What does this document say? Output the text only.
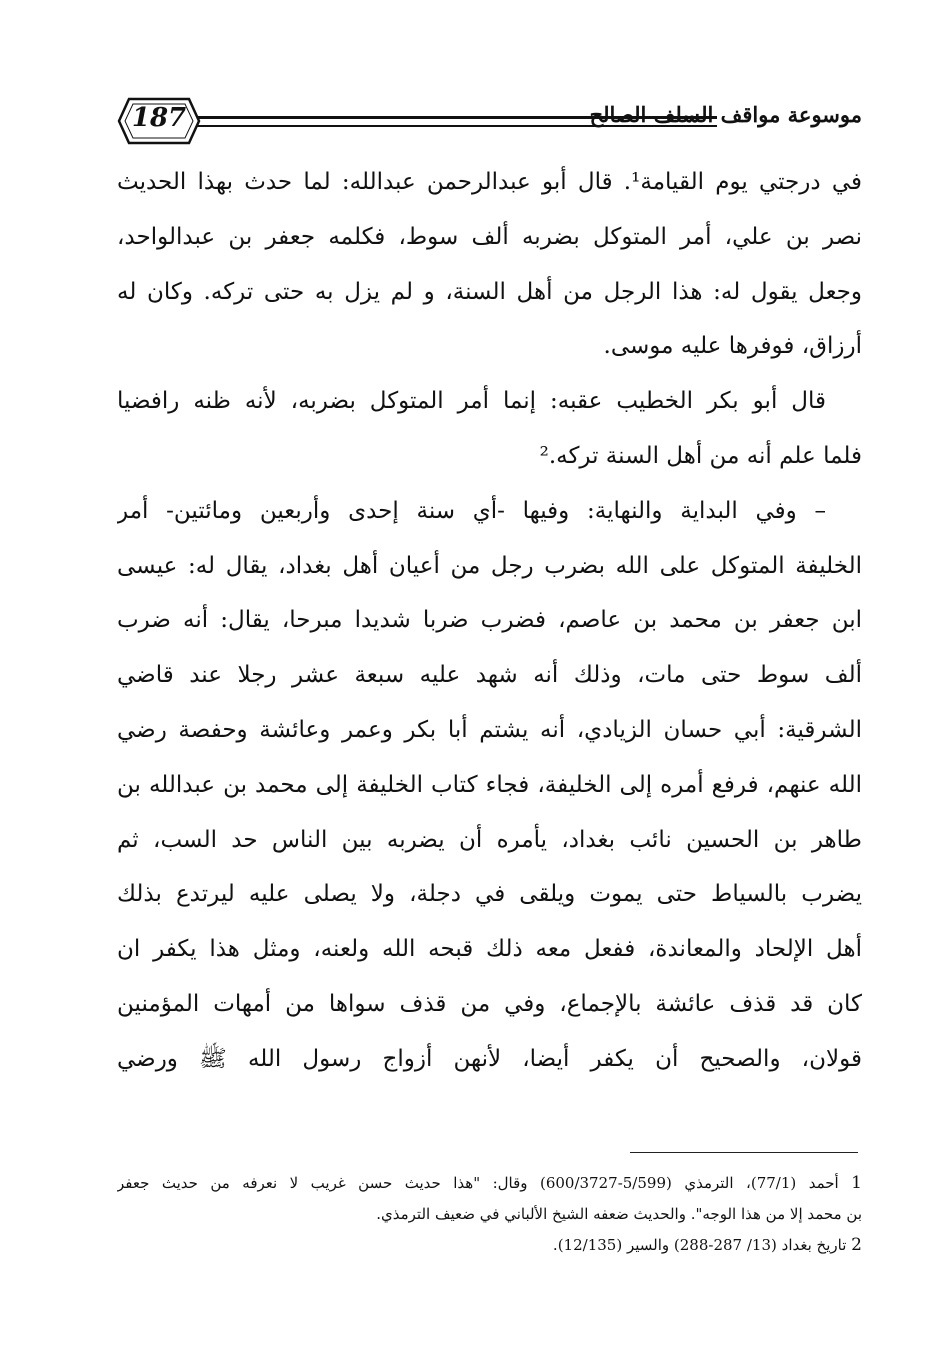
187	موسوعة مواقف السلف الصالح
في درجتي يوم القيامة¹. قال أبو عبدالرحمن عبدالله: لما حدث بهذا الحديث
نصر بن علي، أمر المتوكل بضربه ألف سوط، فكلمه جعفر بن عبدالواحد،
وجعل يقول له: هذا الرجل من أهل السنة، و لم يزل به حتى تركه. وكان له
أرزاق، فوفرها عليه موسى.
قال أبو بكر الخطيب عقبه: إنما أمر المتوكل بضربه، لأنه ظنه رافضيا
فلما علم أنه من أهل السنة تركه.²
– وفي البداية والنهاية: وفيها -أي سنة إحدى وأربعين ومائتين- أمر
الخليفة المتوكل على الله بضرب رجل من أعيان أهل بغداد، يقال له: عيسى
ابن جعفر بن محمد بن عاصم، فضرب ضربا شديدا مبرحا، يقال: أنه ضرب
ألف سوط حتى مات، وذلك أنه شهد عليه سبعة عشر رجلا عند قاضي
الشرقية: أبي حسان الزيادي، أنه يشتم أبا بكر وعمر وعائشة وحفصة رضي
الله عنهم، فرفع أمره إلى الخليفة، فجاء كتاب الخليفة إلى محمد بن عبدالله بن
طاهر بن الحسين نائب بغداد، يأمره أن يضربه بين الناس حد السب، ثم
يضرب بالسياط حتى يموت ويلقى في دجلة، ولا يصلى عليه ليرتدع بذلك
أهل الإلحاد والمعاندة، ففعل معه ذلك قبحه الله ولعنه، ومثل هذا يكفر ان
كان قد قذف عائشة بالإجماع، وفي من قذف سواها من أمهات المؤمنين
قولان، والصحيح أن يكفر أيضا، لأنهن أزواج رسول الله ﷺ ورضي
1 أحمد (77/1)، الترمذي (5/599-600/3727) وقال: "هذا حديث حسن غريب لا نعرفه من حديث جعفر
بن محمد إلا من هذا الوجه". والحديث ضعفه الشيخ الألباني في ضعيف الترمذي.
2 تاريخ بغداد (13/ 287-288) والسير (12/135).
